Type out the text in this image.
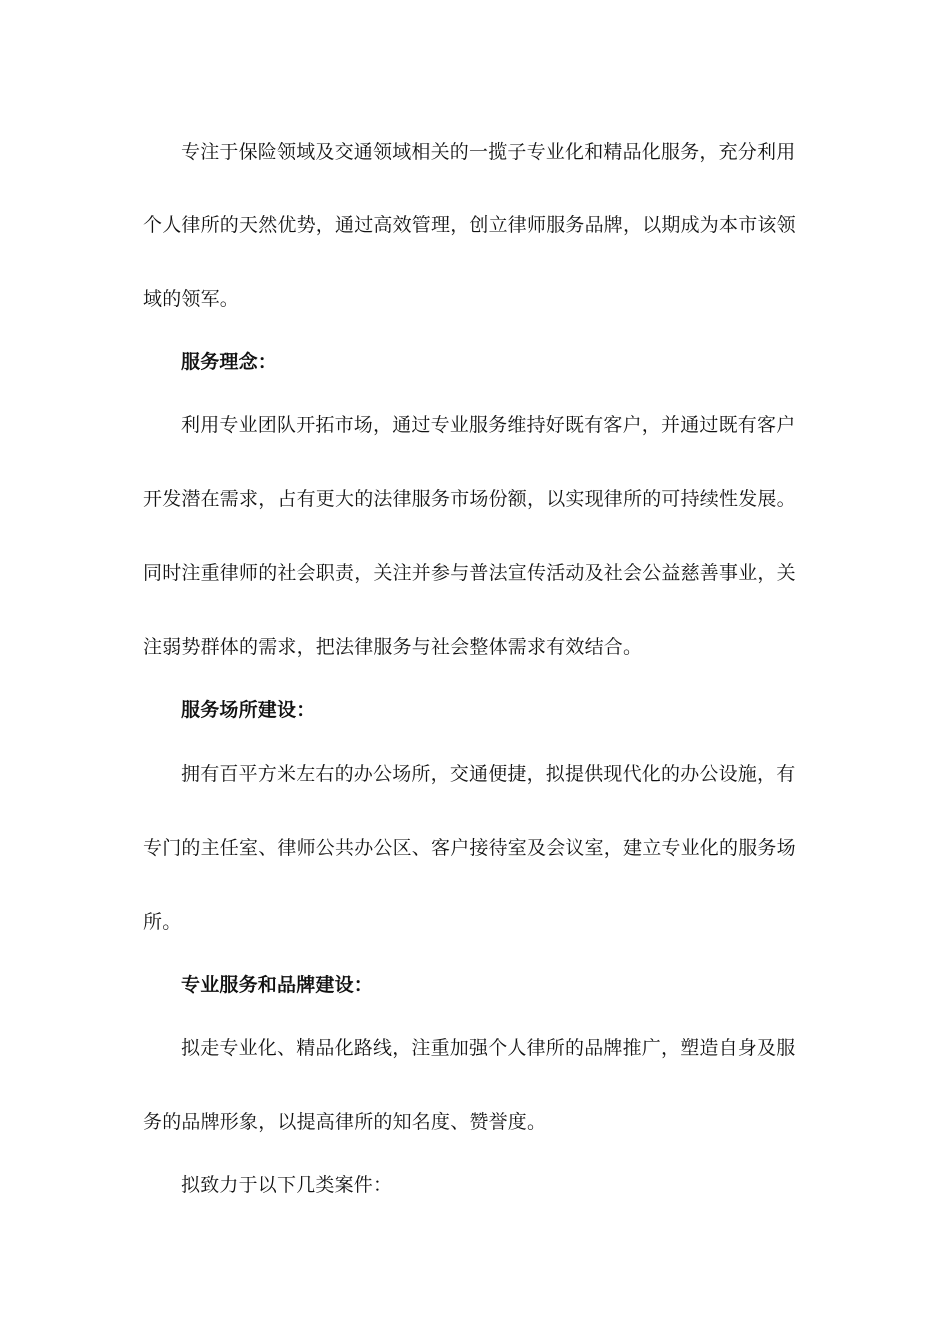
专注于保险领域及交通领域相关的一揽子专业化和精品化服务，充分利用
个人律所的天然优势，通过高效管理，创立律师服务品牌，以期成为本市该领
域的领军。
服务理念：
利用专业团队开拓市场，通过专业服务维持好既有客户，并通过既有客户
开发潜在需求，占有更大的法律服务市场份额，以实现律所的可持续性发展。
同时注重律师的社会职责，关注并参与普法宣传活动及社会公益慈善事业，关
注弱势群体的需求，把法律服务与社会整体需求有效结合。
服务场所建设：
拥有百平方米左右的办公场所，交通便捷，拟提供现代化的办公设施，有
专门的主任室、律师公共办公区、客户接待室及会议室，建立专业化的服务场
所。
专业服务和品牌建设：
拟走专业化、精品化路线，注重加强个人律所的品牌推广，塑造自身及服
务的品牌形象，以提高律所的知名度、赞誉度。
拟致力于以下几类案件：
